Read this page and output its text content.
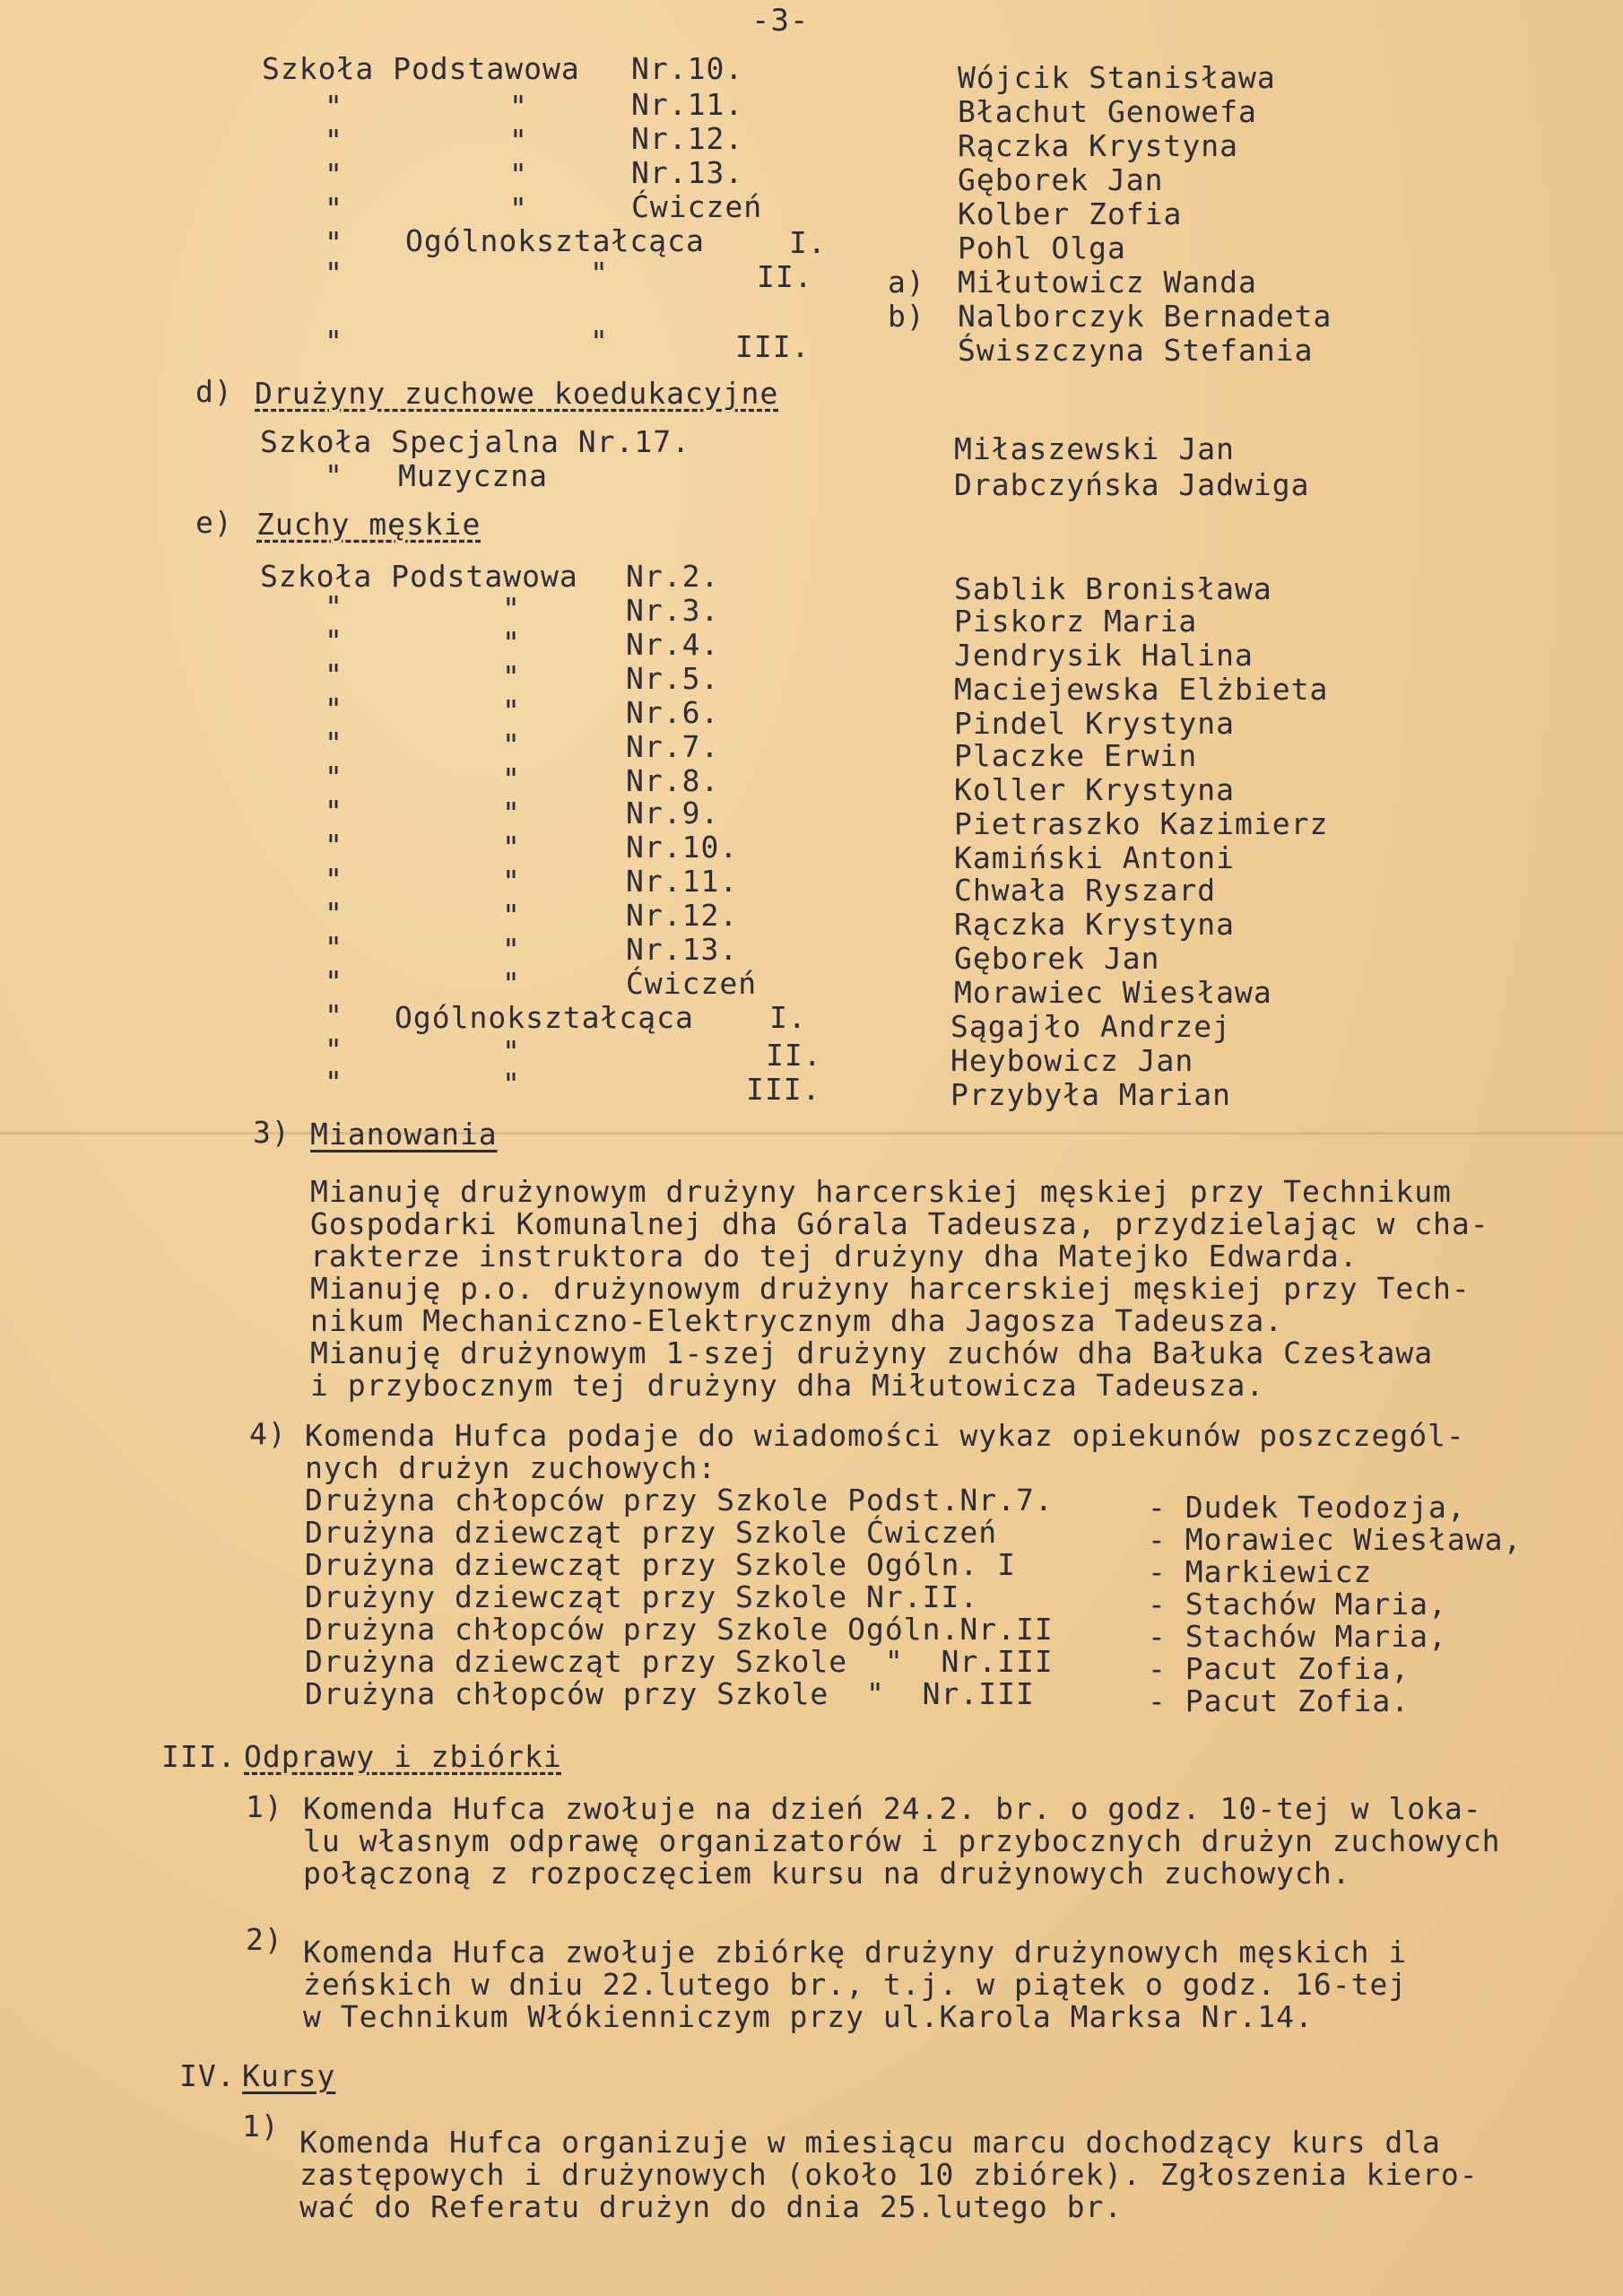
-3-
Szkoła Podstawowa Nr.10.	Wójcik Stanisława
"	"	Nr.11.	Błachut Genowefa
"	"	Nr.12.	Rączka Krystyna
"	"	Nr.13.	Gęborek Jan
"	"	Ćwiczeń	Kolber Zofia
" Ogólnokształcąca	I.	Pohl Olga
"	"	II.	a) Miłutowicz Wanda
b) Nalborczyk Bernadeta
"	"	III.	Świszczyna Stefania
d) Drużyny zuchowe koedukacyjne
Szkoła Specjalna Nr.17.	Miłaszewski Jan
" Muzyczna	Drabczyńska Jadwiga
e) Zuchy męskie
Szkoła Podstawowa Nr.2.	Sablik Bronisława
"	"	Nr.3.	Piskorz Maria
"	"	Nr.4.	Jendrysik Halina
"	"	Nr.5.	Maciejewska Elżbieta
"	"	Nr.6.	Pindel Krystyna
"	"	Nr.7.	Placzke Erwin
"	"	Nr.8.	Koller Krystyna
"	"	Nr.9.	Pietraszko Kazimierz
"	"	Nr.10.	Kamiński Antoni
"	"	Nr.11.	Chwała Ryszard
"	"	Nr.12.	Rączka Krystyna
"	"	Nr.13.	Gęborek Jan
"	"	Ćwiczeń	Morawiec Wiesława
" Ogólnokształcąca	I.	Sągajło Andrzej
"	"	II.	Heybowicz Jan
"	"	III.	Przybyła Marian
3) Mianowania
Mianuję drużynowym drużyny harcerskiej męskiej przy Technikum
Gospodarki Komunalnej dha Górala Tadeusza, przydzielając w cha-
rakterze instruktora do tej drużyny dha Matejko Edwarda.
Mianuję p.o. drużynowym drużyny harcerskiej męskiej przy Tech-
nikum Mechaniczno-Elektrycznym dha Jagosza Tadeusza.
Mianuję drużynowym 1-szej drużyny zuchów dha Bałuka Czesława
i przybocznym tej drużyny dha Miłutowicza Tadeusza.
4) Komenda Hufca podaje do wiadomości wykaz opiekunów poszczegól-
nych drużyn zuchowych:
Drużyna chłopców przy Szkole Podst.Nr.7.	- Dudek Teodozja,
Drużyna dziewcząt przy Szkole Ćwiczeń	- Morawiec Wiesława,
Drużyna dziewcząt przy Szkole Ogóln. I	- Markiewicz
Drużyny dziewcząt przy Szkole Nr.II.	- Stachów Maria,
Drużyna chłopców przy Szkole Ogóln.Nr.II	- Stachów Maria,
Drużyna dziewcząt przy Szkole  "  Nr.III	- Pacut Zofia,
Drużyna chłopców przy Szkole  "  Nr.III	- Pacut Zofia.
III. Odprawy i zbiórki
1) Komenda Hufca zwołuje na dzień 24.2. br. o godz. 10-tej w loka-
lu własnym odprawę organizatorów i przybocznych drużyn zuchowych
połączoną z rozpoczęciem kursu na drużynowych zuchowych.
2) Komenda Hufca zwołuje zbiórkę drużyny drużynowych męskich i
żeńskich w dniu 22.lutego br., t.j. w piątek o godz. 16-tej
w Technikum Włókienniczym przy ul.Karola Marksa Nr.14.
IV. Kursy
1) Komenda Hufca organizuje w miesiącu marcu dochodzący kurs dla
zastępowych i drużynowych (około 10 zbiórek). Zgłoszenia kiero-
wać do Referatu drużyn do dnia 25.lutego br.
